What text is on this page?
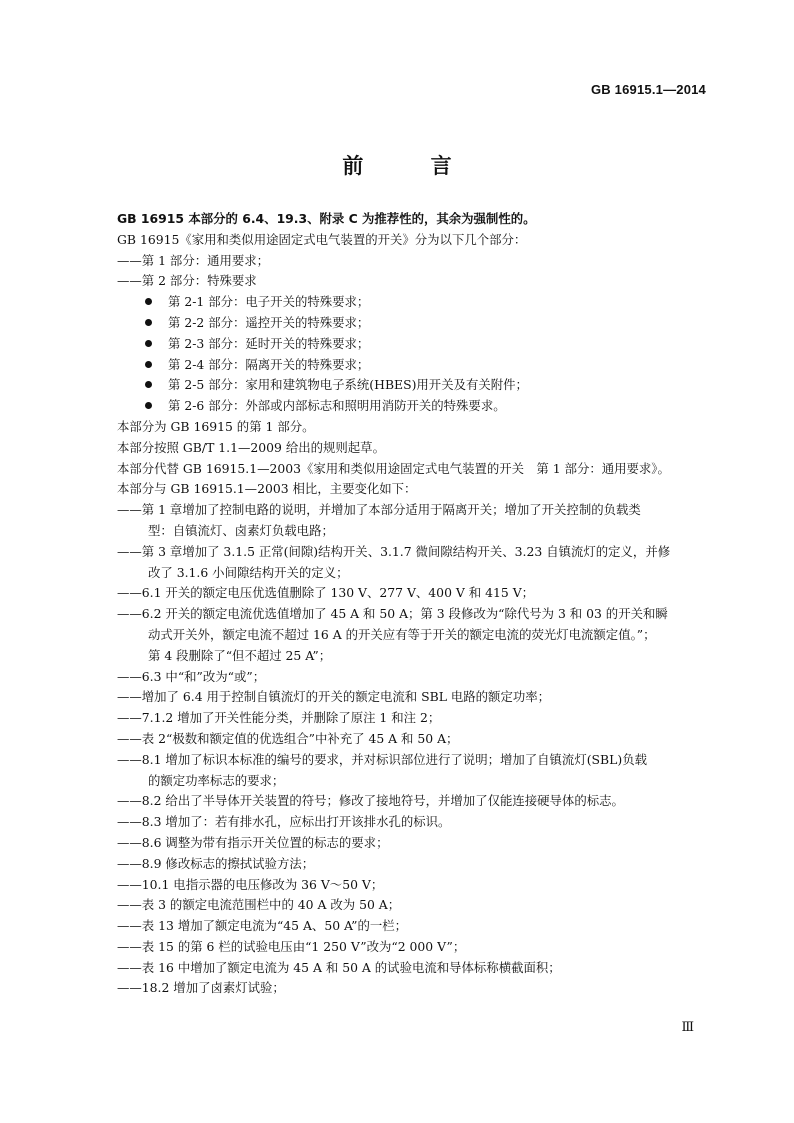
GB 16915.1—2014
前 言
GB 16915 本部分的 6.4、19.3、附录 C 为推荐性的，其余为强制性的。
GB 16915《家用和类似用途固定式电气装置的开关》分为以下几个部分：
——第 1 部分：通用要求；
——第 2 部分：特殊要求
第 2-1 部分：电子开关的特殊要求；
第 2-2 部分：遥控开关的特殊要求；
第 2-3 部分：延时开关的特殊要求；
第 2-4 部分：隔离开关的特殊要求；
第 2-5 部分：家用和建筑物电子系统(HBES)用开关及有关附件；
第 2-6 部分：外部或内部标志和照明用消防开关的特殊要求。
本部分为 GB 16915 的第 1 部分。
本部分按照 GB/T 1.1—2009 给出的规则起草。
本部分代替 GB 16915.1—2003《家用和类似用途固定式电气装置的开关　第 1 部分：通用要求》。
本部分与 GB 16915.1—2003 相比，主要变化如下：
——第 1 章增加了控制电路的说明，并增加了本部分适用于隔离开关；增加了开关控制的负载类
型：自镇流灯、卤素灯负载电路；
——第 3 章增加了 3.1.5 正常(间隙)结构开关、3.1.7 微间隙结构开关、3.23 自镇流灯的定义，并修
改了 3.1.6 小间隙结构开关的定义；
——6.1 开关的额定电压优选值删除了 130 V、277 V、400 V 和 415 V；
——6.2 开关的额定电流优选值增加了 45 A 和 50 A；第 3 段修改为“除代号为 3 和 03 的开关和瞬
动式开关外，额定电流不超过 16 A 的开关应有等于开关的额定电流的荧光灯电流额定值。”；
第 4 段删除了“但不超过 25 A”；
——6.3 中“和”改为“或”；
——增加了 6.4 用于控制自镇流灯的开关的额定电流和 SBL 电路的额定功率；
——7.1.2 增加了开关性能分类，并删除了原注 1 和注 2；
——表 2“极数和额定值的优选组合”中补充了 45 A 和 50 A；
——8.1 增加了标识本标准的编号的要求，并对标识部位进行了说明；增加了自镇流灯(SBL)负载
的额定功率标志的要求；
——8.2 给出了半导体开关装置的符号；修改了接地符号，并增加了仅能连接硬导体的标志。
——8.3 增加了：若有排水孔，应标出打开该排水孔的标识。
——8.6 调整为带有指示开关位置的标志的要求；
——8.9 修改标志的擦拭试验方法；
——10.1 电指示器的电压修改为 36 V～50 V；
——表 3 的额定电流范围栏中的 40 A 改为 50 A；
——表 13 增加了额定电流为“45 A、50 A”的一栏；
——表 15 的第 6 栏的试验电压由“1 250 V”改为“2 000 V”；
——表 16 中增加了额定电流为 45 A 和 50 A 的试验电流和导体标称横截面积；
——18.2 增加了卤素灯试验；
Ⅲ
